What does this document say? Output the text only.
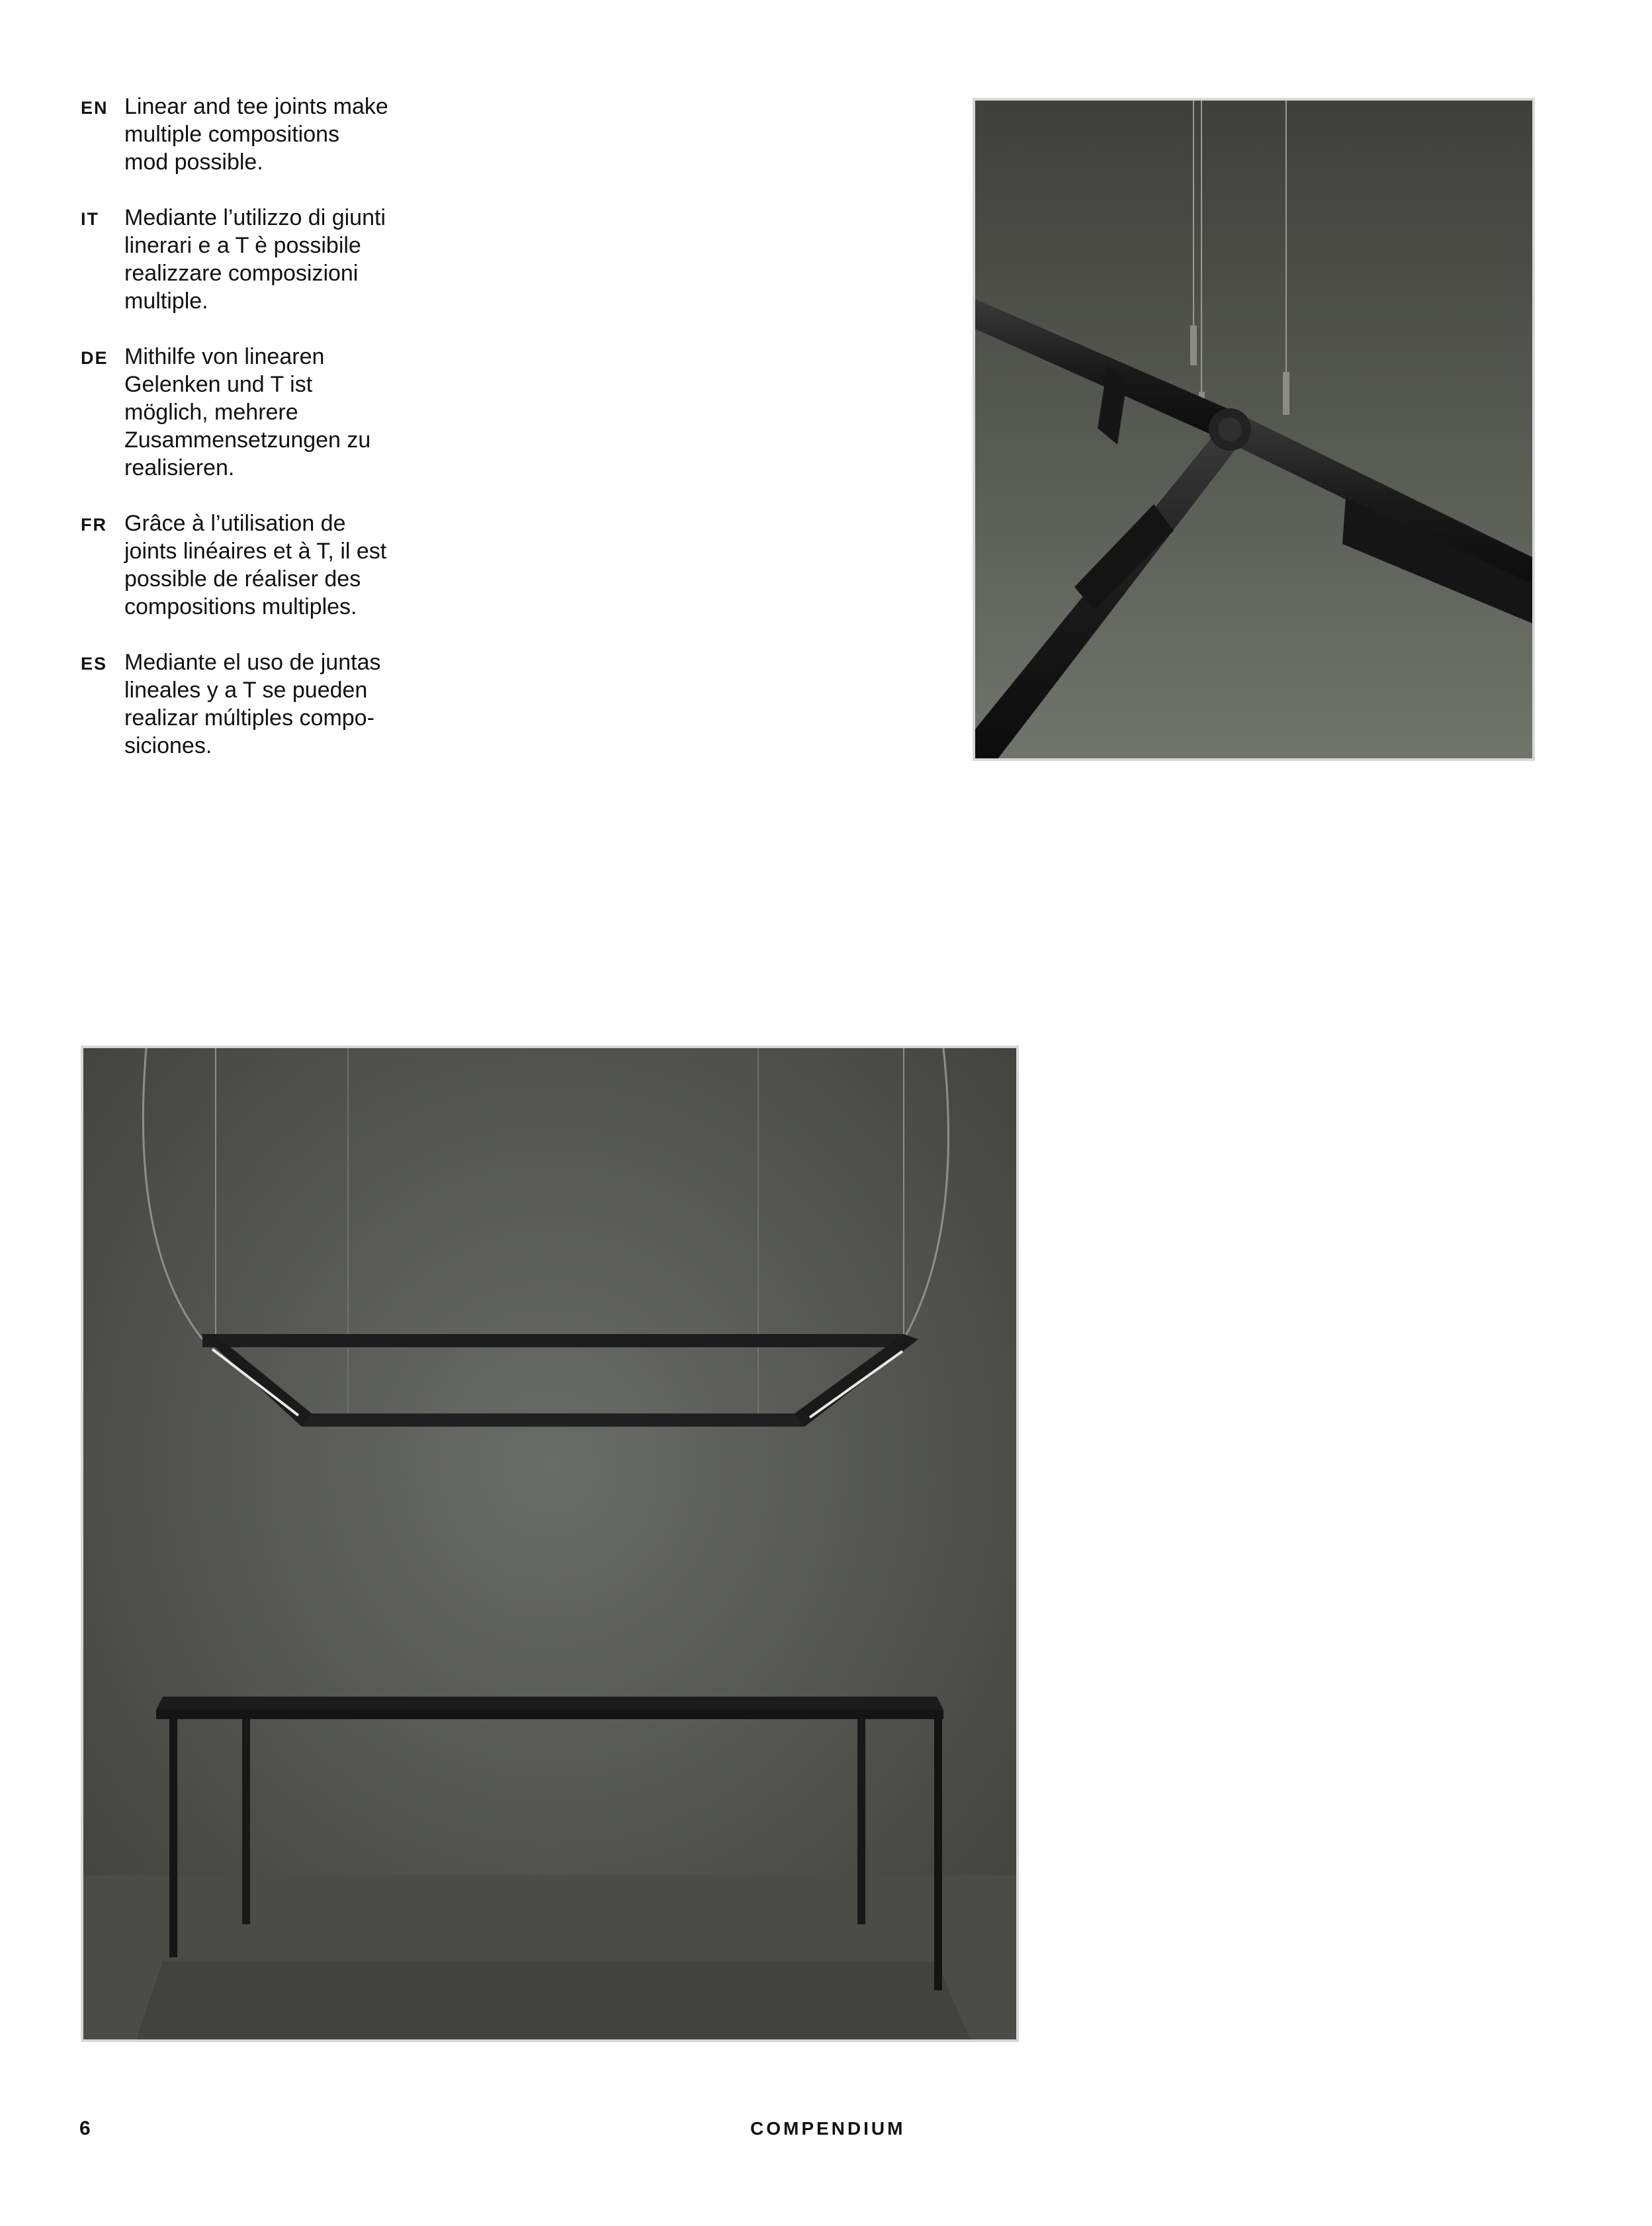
EN Linear and tee joints make
multiple compositions
mod possible.

IT	Mediante l’utilizzo di giunti
linerari e a T è possibile
realizzare composizioni
multiple.

DE Mithilfe von linearen
Gelenken und T ist
möglich, mehrere
Zusammensetzungen zu
realisieren.

FR Grâce à l’utilisation de
joints linéaires et à T, il est
possible de réaliser des
compositions multiples.

ES Mediante el uso de juntas
lineales y a T se pueden
realizar múltiples compo-
siciones.

6	COMPENDIUM
